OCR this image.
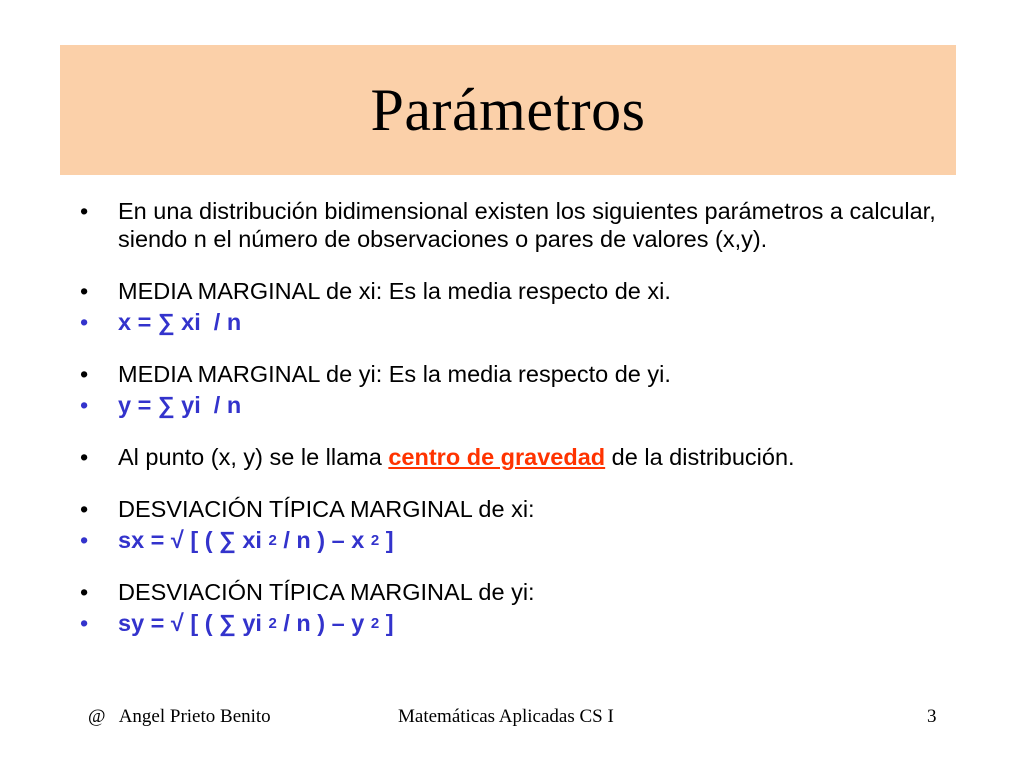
Parámetros
• En una distribución bidimensional existen los siguientes parámetros a calcular, siendo n el número de observaciones o pares de valores (x,y).
• MEDIA MARGINAL de xi: Es la media respecto de xi.
• x = ∑ xi  / n
• MEDIA MARGINAL de yi: Es la media respecto de yi.
• y = ∑ yi  / n
• Al punto (x, y) se le llama centro de gravedad de la distribución.
• DESVIACIÓN TÍPICA MARGINAL de xi:
• sx = √ [ ( ∑ xi $^2$ / n ) – x $^2$ ]
• DESVIACIÓN TÍPICA MARGINAL de yi:
• sy = √ [ ( ∑ yi $^2$ / n ) – y $^2$ ]
@   Angel Prieto Benito	Matemáticas Aplicadas CS I	3
